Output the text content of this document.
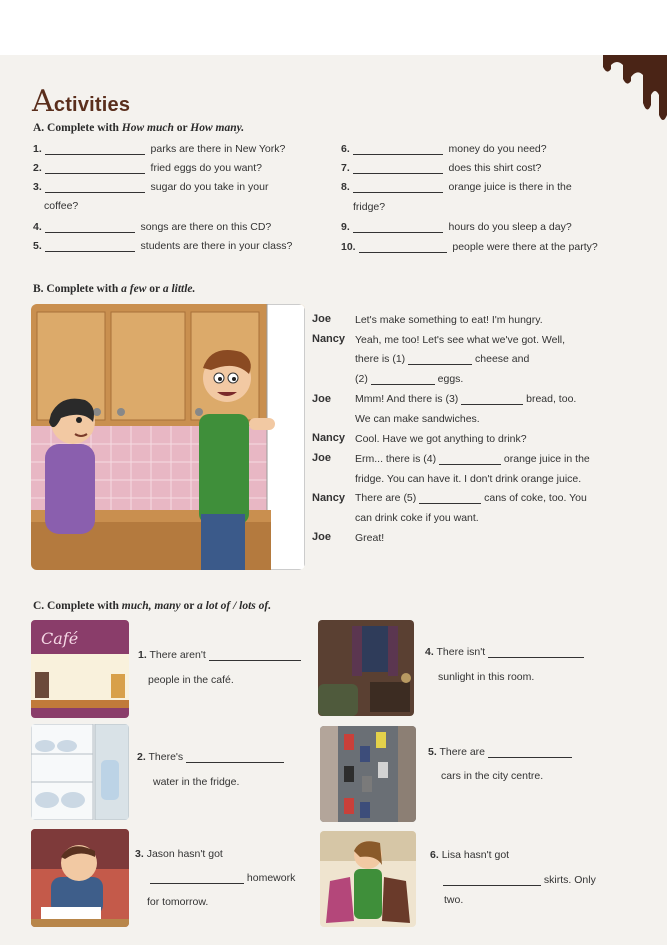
Activities
A. Complete with How much or How many.
1.	parks are there in New York?
2.	fried eggs do you want?
3.	sugar do you take in your
coffee?
4.	songs are there on this CD?
5.	students are there in your class?
6.	money do you need?
7.	does this shirt cost?
8.	orange juice is there in the
fridge?
9.	hours do you sleep a day?
10.	people were there at the party?
B. Complete with a few or a little.
Joe Let's make something to eat! I'm hungry.
Nancy Yeah, me too! Let's see what we've got. Well,
there is (1)	cheese and
(2)	eggs.
Joe Mmm! And there is (3)	bread, too.
We can make sandwiches.
Nancy Cool. Have we got anything to drink?
Joe Erm... there is (4)	orange juice in the
fridge. You can have it. I don't drink orange juice.
Nancy There are (5)	cans of coke, too. You
can drink coke if you want.
Joe Great!
C. Complete with much, many or a lot of / lots of.
Café
1. There aren't
people in the café.
4. There isn't
sunlight in this room.
2. There's
water in the fridge.
5. There are
cars in the city centre.
3. Jason hasn't got
homework
for tomorrow.
6. Lisa hasn't got
skirts. Only
two.
